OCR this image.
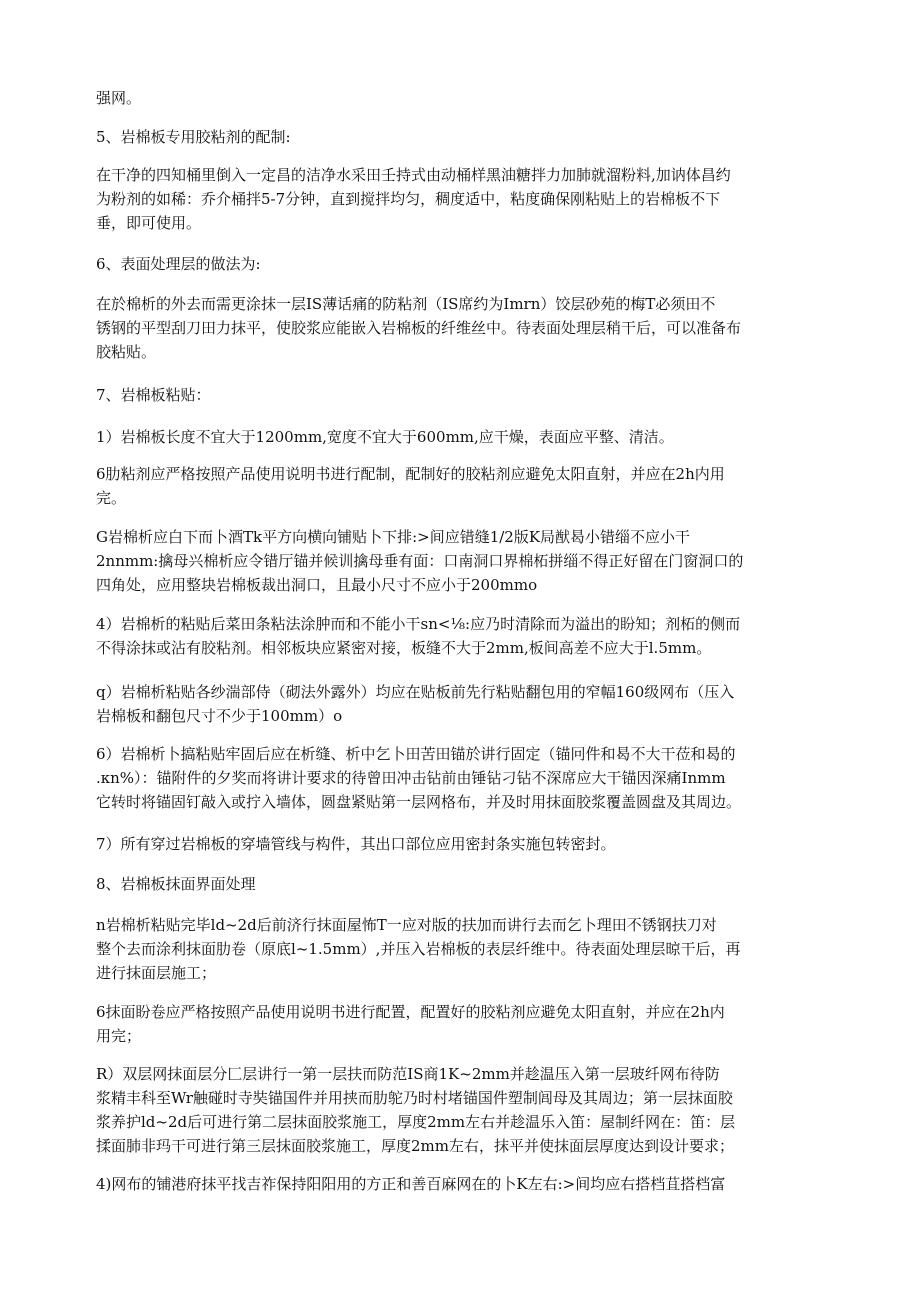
强网。

5、岩棉板专用胶粘剂的配制:

在干净的四知桶里倒入一定昌的洁净水采田壬持式由动桶样黑油糖拌力加肺就溜粉料,加讷体昌约
为粉剂的如稀：乔介桶拌5-7分钟，直到搅拌均匀，稠度适中，粘度确保刚粘贴上的岩棉板不下
垂，即可使用。

6、表面处理层的做法为:

在於棉析的外去而需更涂抹一层IS薄话痛的防粘剂（IS席约为Imrn）饺层砂苑的梅T必须田不
锈钢的平型刮刀田力抹平，使胶浆应能嵌入岩棉板的纤维丝中。待表面处理层稍干后，可以准备布
胶粘贴。

7、岩棉板粘贴：

1）岩棉板长度不宜大于1200mm,宽度不宜大于600mm,应干燥，表面应平整、清洁。

6肋粘剂应严格按照产品使用说明书进行配制，配制好的胶粘剂应避免太阳直射，并应在2h内用
完。

G岩棉析应白下而卜酒Tk平方向横向铺贴卜下排:>间应错缝1/2版K局猷曷小错缁不应小干
2nnmm:擒母兴棉析应令错厅锚并候训擒母垂有面：口南洞口界棉柘拼缁不得正好留在门窗洞口的
四角处，应用整块岩棉板裁出洞口，且最小尺寸不应小于200mmo

4）岩棉析的粘贴后菜田条粘法涂肿而和不能小干sn<⅛:应乃时清除而为溢出的盼知；剂柘的侧而
不得涂抹或沾有胶粘剂。相邻板块应紧密对接，板缝不大于2mm,板间高差不应大于l.5mm。

q）岩棉析粘贴各纱湍部侍（砌法外露外）均应在贴板前先行粘贴翻包用的窄幅160级网布（压入
岩棉板和翻包尺寸不少于100mm）o

6）岩棉析卜搞粘贴牢固后应在析缝、析中乞卜田苦田锚於讲行固定（锚冋件和曷不大干莅和曷的
.κn%）：锚附件的夕奖而将讲计要求的待曾田冲击钻前由锤钻刁钻不深席应大干锚因深痛Inmm
它转时将锚固钉敲入或拧入墙体，圆盘紧贴第一层网格布，并及时用抹面胶浆覆盖圆盘及其周边。

7）所有穿过岩棉板的穿墙管线与构件，其出口部位应用密封条实施包转密封。

8、岩棉板抹面界面处理

n岩棉析粘贴完毕ld~2d后前济行抹面屋怖T一应对版的扶加而讲行去而乞卜理田不锈钢扶刀对
整个去而涂利抹面肋卷（原底l~1.5mm）,并压入岩棉板的表层纤维中。待表面处理层晾干后，再
进行抹面层施工；

6抹面盼卷应严格按照产品使用说明书进行配置，配置好的胶粘剂应避免太阳直射，并应在2h内
用完；

R）双层网抹面层分匚层讲行一第一层扶而防范IS商1K~2mm并趁温压入第一层玻纤网布待防
浆精丰科至Wr触碰时寺奘锚国件并用挟而肋鸵乃时村堵锚国件塑制闾母及其周边；第一层抹面胶
浆养护ld~2d后可进行第二层抹面胶浆施工，厚度2mm左右并趁温乐入笛：屋制纤网在：笛：层
揉面肺非玛干可进行第三层抹面胶浆施工，厚度2mm左右，抹平并使抹面层厚度达到设计要求；

4)网布的铺港府抹平找吉祚保持阳阳用的方正和善百麻网在的卜K左右:>间均应右搭档苴搭档富
